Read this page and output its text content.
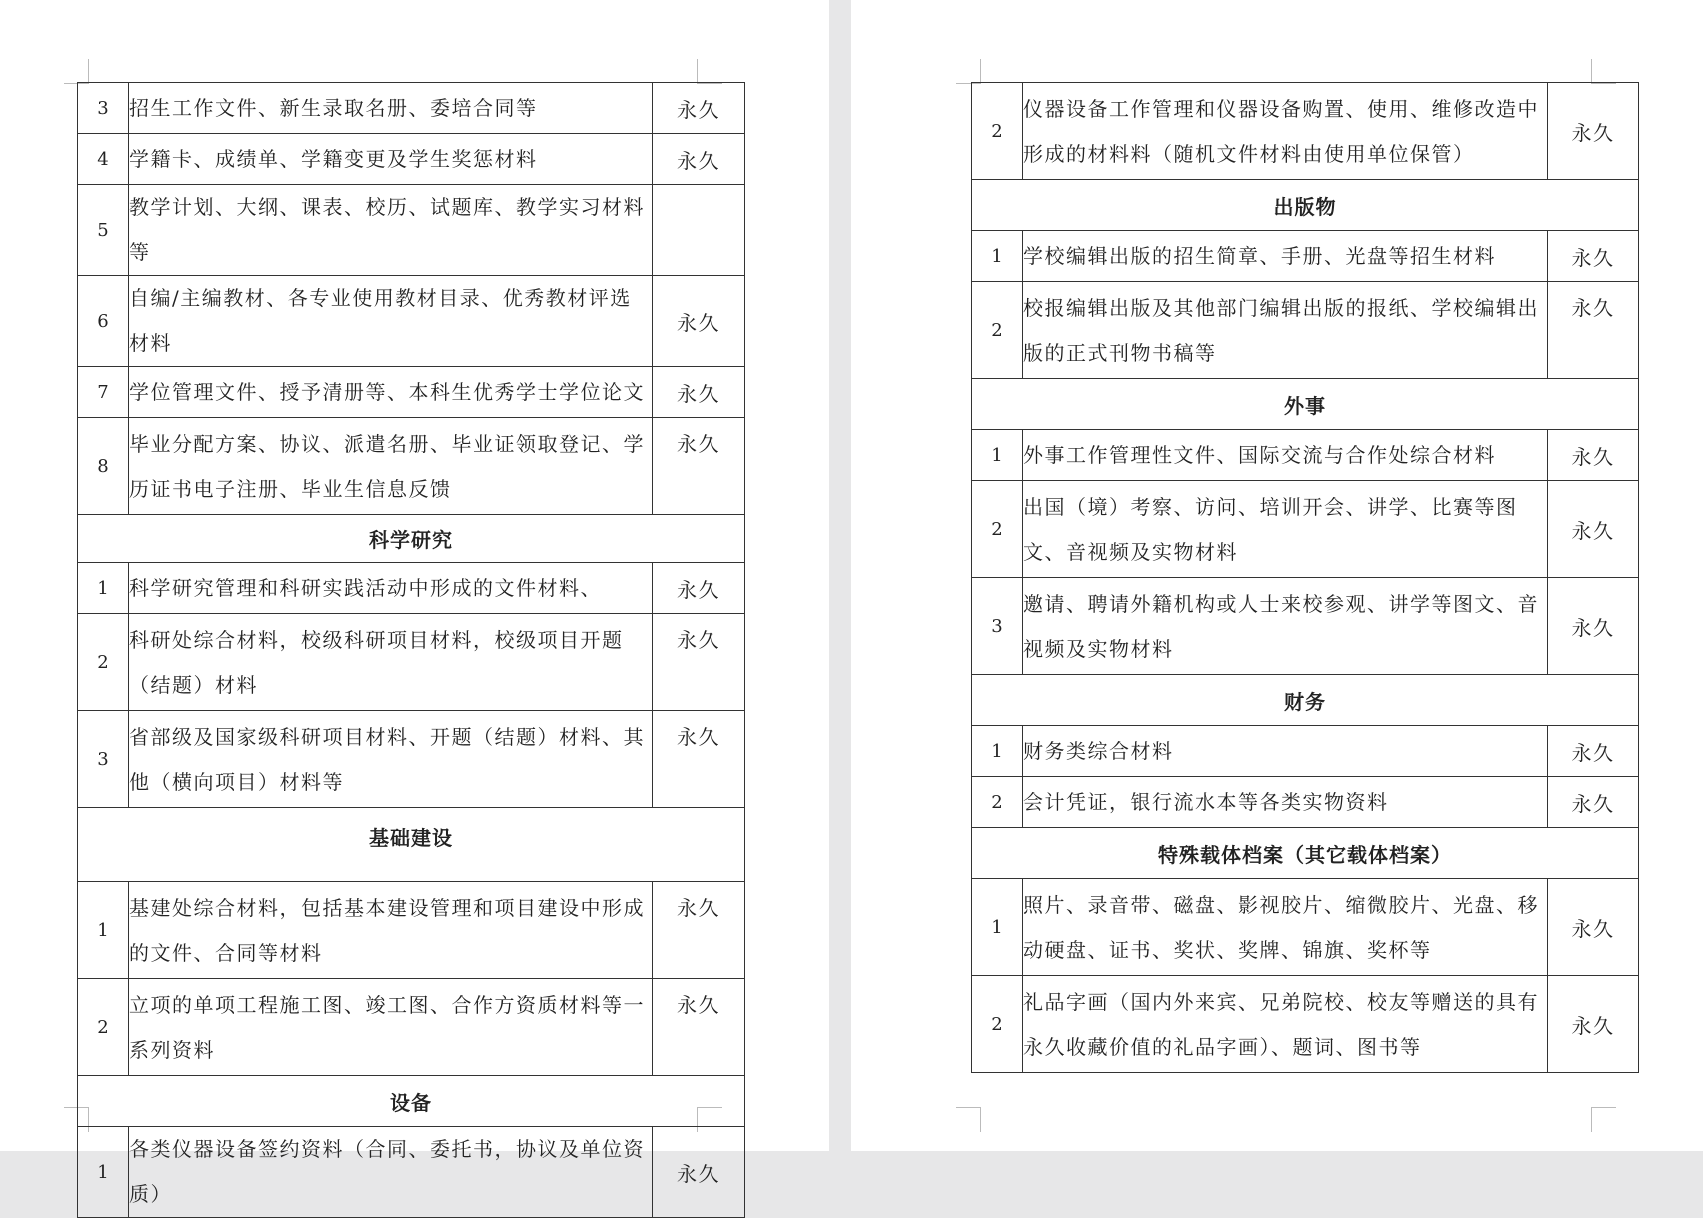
3	招生工作文件、新生录取名册、委培合同等	永久
4	学籍卡、成绩单、学籍变更及学生奖惩材料	永久
5	教学计划、大纲、课表、校历、试题库、教学实习材料等	
6	自编/主编教材、各专业使用教材目录、优秀教材评选材料	永久
7	学位管理文件、授予清册等、本科生优秀学士学位论文	永久
8	毕业分配方案、协议、派遣名册、毕业证领取登记、学历证书电子注册、毕业生信息反馈	永久
科学研究		
1	科学研究管理和科研实践活动中形成的文件材料、	永久
2	科研处综合材料，校级科研项目材料，校级项目开题（结题）材料	永久
3	省部级及国家级科研项目材料、开题（结题）材料、其他（横向项目）材料等	永久
基础建设		
1	基建处综合材料，包括基本建设管理和项目建设中形成的文件、合同等材料	永久
2	立项的单项工程施工图、竣工图、合作方资质材料等一系列资料	永久
设备		
1	各类仪器设备签约资料（合同、委托书，协议及单位资质）	永久
2	仪器设备工作管理和仪器设备购置、使用、维修改造中形成的材料料（随机文件材料由使用单位保管）	永久
出版物		
1	学校编辑出版的招生简章、手册、光盘等招生材料	永久
2	校报编辑出版及其他部门编辑出版的报纸、学校编辑出版的正式刊物书稿等	永久
外事		
1	外事工作管理性文件、国际交流与合作处综合材料	永久
2	出国（境）考察、访问、培训开会、讲学、比赛等图文、音视频及实物材料	永久
3	邀请、聘请外籍机构或人士来校参观、讲学等图文、音视频及实物材料	永久
财务		
1	财务类综合材料	永久
2	会计凭证，银行流水本等各类实物资料	永久
特殊载体档案（其它载体档案）		
1	照片、录音带、磁盘、影视胶片、缩微胶片、光盘、移动硬盘、证书、奖状、奖牌、锦旗、奖杯等	永久
2	礼品字画（国内外来宾、兄弟院校、校友等赠送的具有永久收藏价值的礼品字画）、题词、图书等	永久
